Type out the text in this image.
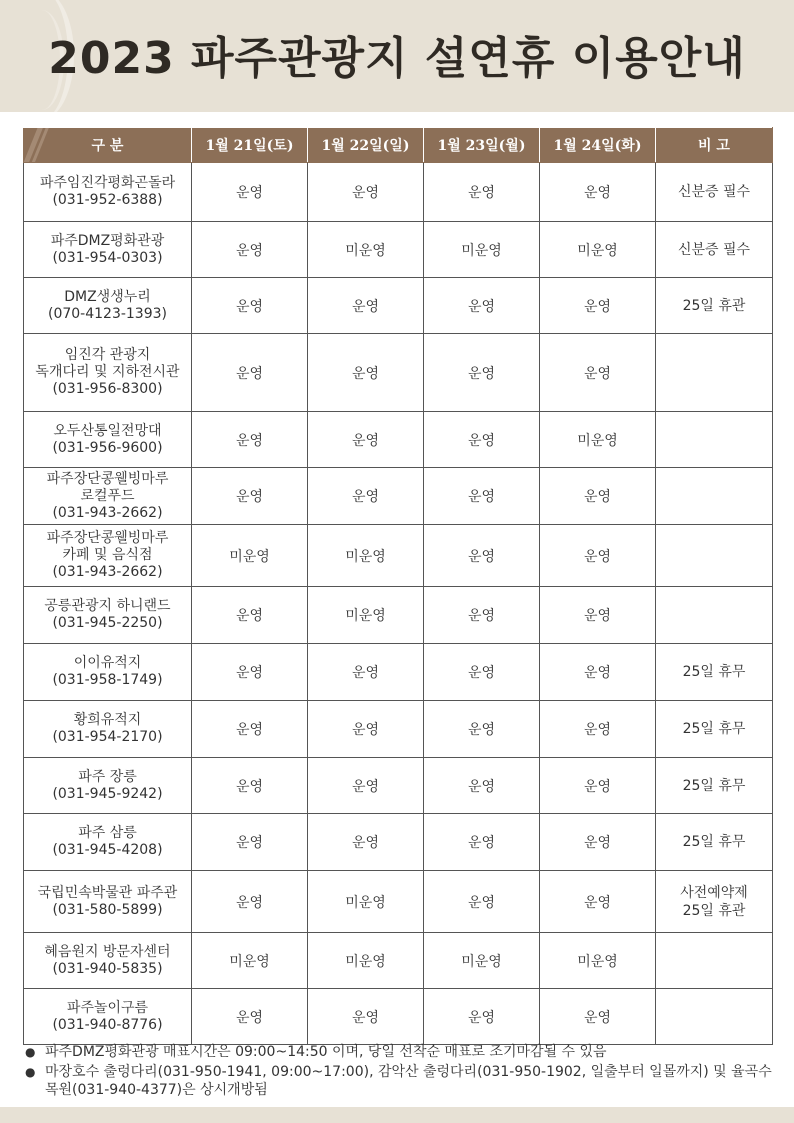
2023 파주관광지 설연휴 이용안내
구 분	1월 21일(토)	1월 22일(일)	1월 23일(월)	1월 24일(화)	비 고

파주임진각평화곤돌라
(031-952-6388)	운영	운영	운영	운영	신분증 필수

파주DMZ평화관광
(031-954-0303)	운영	미운영	미운영	미운영	신분증 필수

DMZ생생누리
(070-4123-1393)	운영	운영	운영	운영	25일 휴관

임진각 관광지
독개다리 및 지하전시관
(031-956-8300)	운영	운영	운영	운영	

오두산통일전망대
(031-956-9600)	운영	운영	운영	미운영	

파주장단콩웰빙마루
로컬푸드
(031-943-2662)	운영	운영	운영	운영	

파주장단콩웰빙마루
카페 및 음식점
(031-943-2662)	미운영	미운영	운영	운영	

공릉관광지 하니랜드
(031-945-2250)	운영	미운영	운영	운영	

이이유적지
(031-958-1749)	운영	운영	운영	운영	25일 휴무

황희유적지
(031-954-2170)	운영	운영	운영	운영	25일 휴무

파주 장릉
(031-945-9242)	운영	운영	운영	운영	25일 휴무

파주 삼릉
(031-945-4208)	운영	운영	운영	운영	25일 휴무

국립민속박물관 파주관
(031-580-5899)	운영	미운영	운영	운영	사전예약제
25일 휴관

혜음원지 방문자센터
(031-940-5835)	미운영	미운영	미운영	미운영	

파주놀이구름
(031-940-8776)	운영	운영	운영	운영	
● 파주DMZ평화관광 매표시간은 09:00~14:50 이며, 당일 선착순 매표로 조기마감될 수 있음
● 마장호수 출렁다리(031-950-1941, 09:00~17:00), 감악산 출렁다리(031-950-1902, 일출부터 일몰까지) 및 율곡수목원(031-940-4377)은 상시개방됨
